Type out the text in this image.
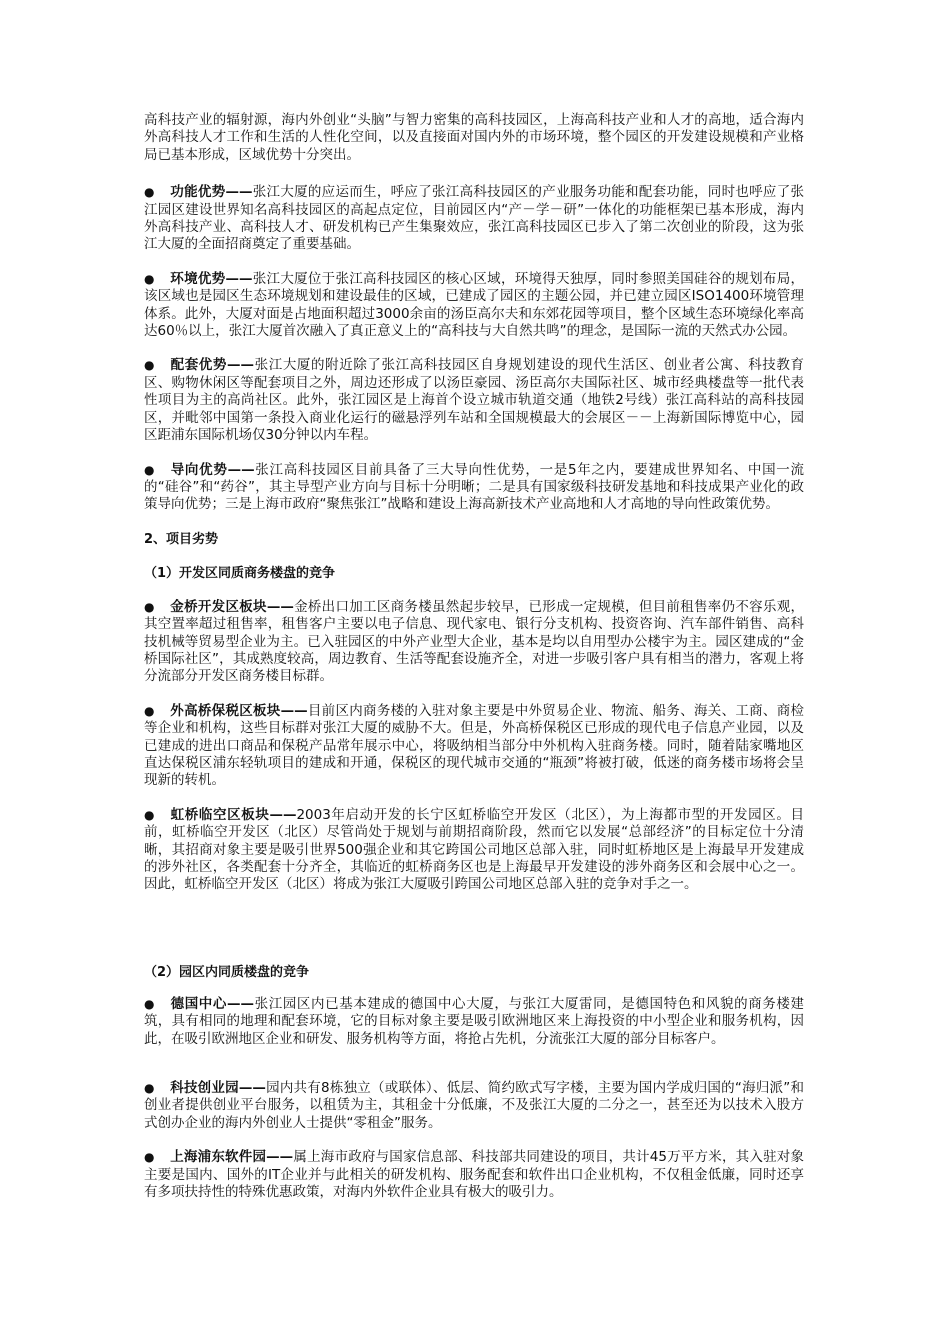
高科技产业的辐射源，海内外创业“头脑”与智力密集的高科技园区，上海高科技产业和人才的高地，适合海内外高科技人才工作和生活的人性化空间，以及直接面对国内外的市场环境，整个园区的开发建设规模和产业格局已基本形成，区域优势十分突出。

● 功能优势——张江大厦的应运而生，呼应了张江高科技园区的产业服务功能和配套功能，同时也呼应了张江园区建设世界知名高科技园区的高起点定位，目前园区内“产－学－研”一体化的功能框架已基本形成，海内外高科技产业、高科技人才、研发机构已产生集聚效应，张江高科技园区已步入了第二次创业的阶段，这为张江大厦的全面招商奠定了重要基础。

● 环境优势——张江大厦位于张江高科技园区的核心区域，环境得天独厚，同时参照美国硅谷的规划布局，该区域也是园区生态环境规划和建设最佳的区域，已建成了园区的主题公园，并已建立园区ISO1400环境管理体系。此外，大厦对面是占地面积超过3000余亩的汤臣高尔夫和东郊花园等项目，整个区域生态环境绿化率高达60％以上，张江大厦首次融入了真正意义上的“高科技与大自然共鸣”的理念，是国际一流的天然式办公园。

● 配套优势——张江大厦的附近除了张江高科技园区自身规划建设的现代生活区、创业者公寓、科技教育区、购物休闲区等配套项目之外，周边还形成了以汤臣豪园、汤臣高尔夫国际社区、城市经典楼盘等一批代表性项目为主的高尚社区。此外，张江园区是上海首个设立城市轨道交通（地铁2号线）张江高科站的高科技园区，并毗邻中国第一条投入商业化运行的磁悬浮列车站和全国规模最大的会展区－－上海新国际博览中心，园区距浦东国际机场仅30分钟以内车程。

● 导向优势——张江高科技园区目前具备了三大导向性优势，一是5年之内，要建成世界知名、中国一流的“硅谷”和“药谷”，其主导型产业方向与目标十分明晰；二是具有国家级科技研发基地和科技成果产业化的政策导向优势；三是上海市政府“聚焦张江”战略和建设上海高新技术产业高地和人才高地的导向性政策优势。

2、项目劣势

（1）开发区同质商务楼盘的竞争

● 金桥开发区板块——金桥出口加工区商务楼虽然起步较早，已形成一定规模，但目前租售率仍不容乐观，其空置率超过租售率，租售客户主要以电子信息、现代家电、银行分支机构、投资咨询、汽车部件销售、高科技机械等贸易型企业为主。已入驻园区的中外产业型大企业，基本是均以自用型办公楼宇为主。园区建成的“金桥国际社区”，其成熟度较高，周边教育、生活等配套设施齐全，对进一步吸引客户具有相当的潜力，客观上将分流部分开发区商务楼目标群。

● 外高桥保税区板块——目前区内商务楼的入驻对象主要是中外贸易企业、物流、船务、海关、工商、商检等企业和机构，这些目标群对张江大厦的威胁不大。但是，外高桥保税区已形成的现代电子信息产业园，以及已建成的进出口商品和保税产品常年展示中心，将吸纳相当部分中外机构入驻商务楼。同时，随着陆家嘴地区直达保税区浦东轻轨项目的建成和开通，保税区的现代城市交通的“瓶颈”将被打破，低迷的商务楼市场将会呈现新的转机。

● 虹桥临空区板块——2003年启动开发的长宁区虹桥临空开发区（北区），为上海都市型的开发园区。目前，虹桥临空开发区（北区）尽管尚处于规划与前期招商阶段，然而它以发展“总部经济”的目标定位十分清晰，其招商对象主要是吸引世界500强企业和其它跨国公司地区总部入驻，同时虹桥地区是上海最早开发建成的涉外社区，各类配套十分齐全，其临近的虹桥商务区也是上海最早开发建设的涉外商务区和会展中心之一。因此，虹桥临空开发区（北区）将成为张江大厦吸引跨国公司地区总部入驻的竞争对手之一。

（2）园区内同质楼盘的竞争

● 德国中心——张江园区内已基本建成的德国中心大厦，与张江大厦雷同，是德国特色和风貌的商务楼建筑，具有相同的地理和配套环境，它的目标对象主要是吸引欧洲地区来上海投资的中小型企业和服务机构，因此，在吸引欧洲地区企业和研发、服务机构等方面，将抢占先机，分流张江大厦的部分目标客户。

● 科技创业园——园内共有8栋独立（或联体）、低层、简约欧式写字楼，主要为国内学成归国的“海归派”和创业者提供创业平台服务，以租赁为主，其租金十分低廉，不及张江大厦的二分之一，甚至还为以技术入股方式创办企业的海内外创业人士提供“零租金”服务。

● 上海浦东软件园——属上海市政府与国家信息部、科技部共同建设的项目，共计45万平方米，其入驻对象主要是国内、国外的IT企业并与此相关的研发机构、服务配套和软件出口企业机构，不仅租金低廉，同时还享有多项扶持性的特殊优惠政策，对海内外软件企业具有极大的吸引力。
